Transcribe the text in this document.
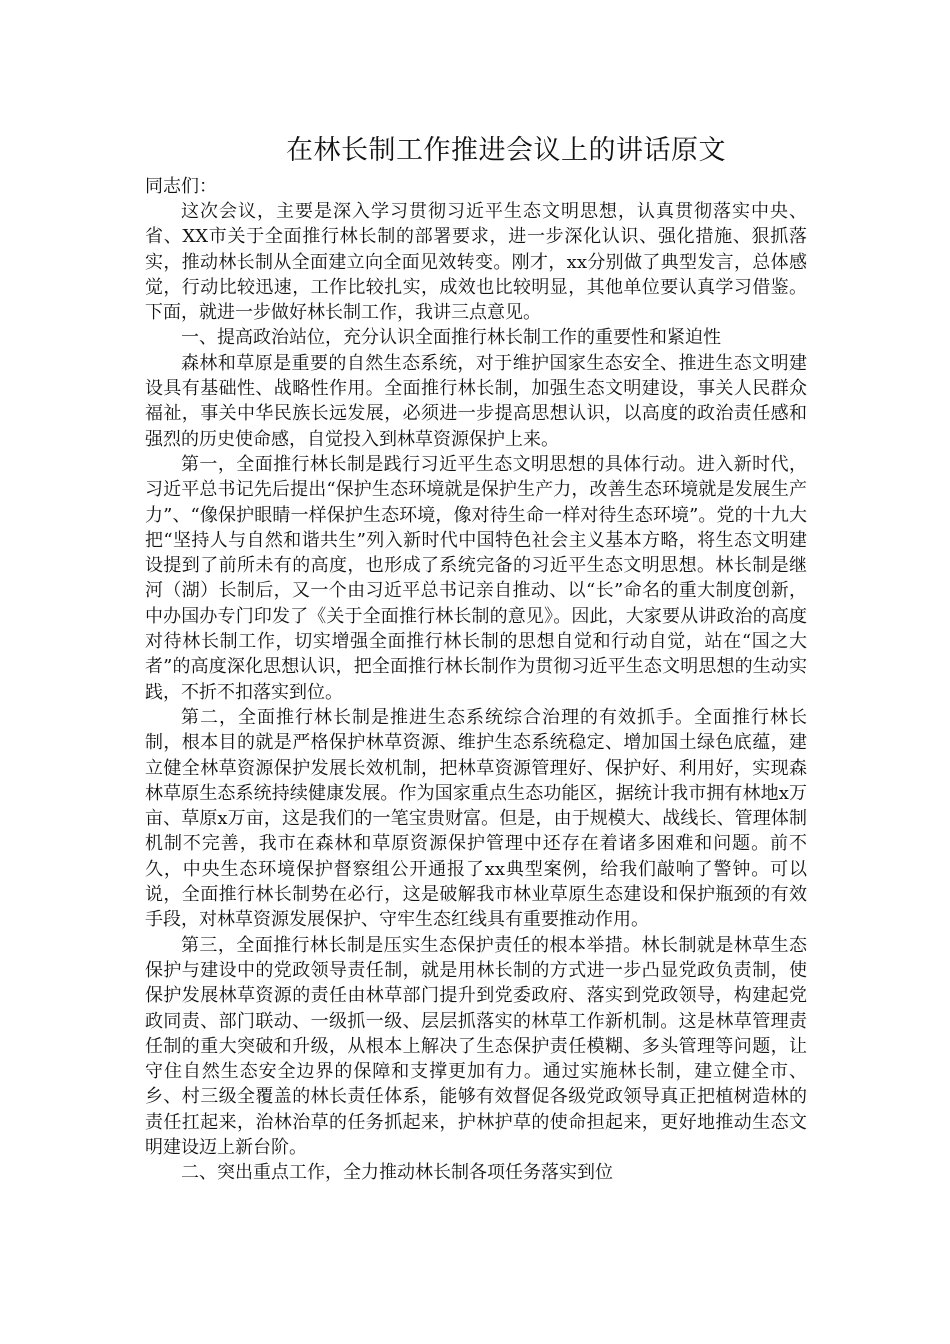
在林长制工作推进会议上的讲话原文

同志们：

这次会议，主要是深入学习贯彻习近平生态文明思想，认真贯彻落实中央、省、XX市关于全面推行林长制的部署要求，进一步深化认识、强化措施、狠抓落实，推动林长制从全面建立向全面见效转变。刚才，xx分别做了典型发言，总体感觉，行动比较迅速，工作比较扎实，成效也比较明显，其他单位要认真学习借鉴。下面，就进一步做好林长制工作，我讲三点意见。

一、提高政治站位，充分认识全面推行林长制工作的重要性和紧迫性

森林和草原是重要的自然生态系统，对于维护国家生态安全、推进生态文明建设具有基础性、战略性作用。全面推行林长制，加强生态文明建设，事关人民群众福祉，事关中华民族长远发展，必须进一步提高思想认识，以高度的政治责任感和强烈的历史使命感，自觉投入到林草资源保护上来。

第一，全面推行林长制是践行习近平生态文明思想的具体行动。进入新时代，习近平总书记先后提出“保护生态环境就是保护生产力，改善生态环境就是发展生产力”、“像保护眼睛一样保护生态环境，像对待生命一样对待生态环境”。党的十九大把“坚持人与自然和谐共生”列入新时代中国特色社会主义基本方略，将生态文明建设提到了前所未有的高度，也形成了系统完备的习近平生态文明思想。林长制是继河（湖）长制后，又一个由习近平总书记亲自推动、以“长”命名的重大制度创新，中办国办专门印发了《关于全面推行林长制的意见》。因此，大家要从讲政治的高度对待林长制工作，切实增强全面推行林长制的思想自觉和行动自觉，站在“国之大者”的高度深化思想认识，把全面推行林长制作为贯彻习近平生态文明思想的生动实践，不折不扣落实到位。

第二，全面推行林长制是推进生态系统综合治理的有效抓手。全面推行林长制，根本目的就是严格保护林草资源、维护生态系统稳定、增加国土绿色底蕴，建立健全林草资源保护发展长效机制，把林草资源管理好、保护好、利用好，实现森林草原生态系统持续健康发展。作为国家重点生态功能区，据统计我市拥有林地x万亩、草原x万亩，这是我们的一笔宝贵财富。但是，由于规模大、战线长、管理体制机制不完善，我市在森林和草原资源保护管理中还存在着诸多困难和问题。前不久，中央生态环境保护督察组公开通报了xx典型案例，给我们敲响了警钟。可以说，全面推行林长制势在必行，这是破解我市林业草原生态建设和保护瓶颈的有效手段，对林草资源发展保护、守牢生态红线具有重要推动作用。

第三，全面推行林长制是压实生态保护责任的根本举措。林长制就是林草生态保护与建设中的党政领导责任制，就是用林长制的方式进一步凸显党政负责制，使保护发展林草资源的责任由林草部门提升到党委政府、落实到党政领导，构建起党政同责、部门联动、一级抓一级、层层抓落实的林草工作新机制。这是林草管理责任制的重大突破和升级，从根本上解决了生态保护责任模糊、多头管理等问题，让守住自然生态安全边界的保障和支撑更加有力。通过实施林长制，建立健全市、乡、村三级全覆盖的林长责任体系，能够有效督促各级党政领导真正把植树造林的责任扛起来，治林治草的任务抓起来，护林护草的使命担起来，更好地推动生态文明建设迈上新台阶。

二、突出重点工作，全力推动林长制各项任务落实到位
